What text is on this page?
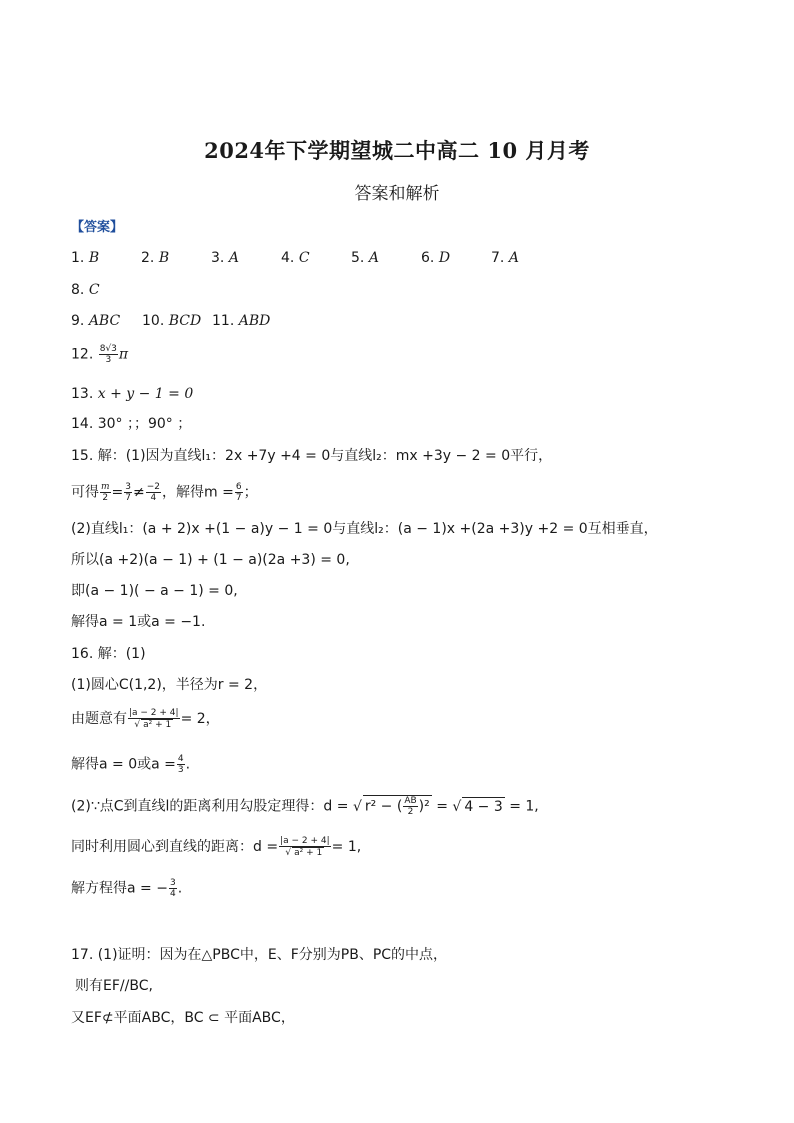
2024年下学期望城二中高二 10 月月考
答案和解析
【答案】
1. B	2. B	3. A	4. C	5. A	6. D	7. A
8. C
9. ABC 10. BCD 11. ABD
12. $\frac{8√3}{3}$ π
13. x + y − 1 = 0
14. 30° ；；90° ；
15. 解：(1)因为直线l₁：2x +7y +4 = 0与直线l₂：mx +3y − 2 = 0平行，
可得 $\frac{m}{2} = \frac{3}{7} \ne \frac{-2}{4}$ ，解得$m = \frac{6}{7}$ ；
(2)直线l₁：(a + 2)x +(1 − a)y − 1 = 0与直线l₂：(a − 1)x +(2a +3)y +2 = 0互相垂直，
所以(a +2)(a − 1) + (1 − a)(2a +3) = 0,
即(a − 1)( − a − 1) = 0,
解得a = 1或a = −1.
16. 解：(1)
(1)圆心C(1,2)，半径为r = 2，
由题意有 $\frac{|a - 2 + 4|}{\text{√ a² + 1}} = 2$，
解得a = 0或$a = \frac{4}{3}$ .
(2)∵点C到直线l的距离利用勾股定理得：d = √ r² − ( $\frac{AB}{2} )^2$ = √ 4 − 3 = 1,
同时利用圆心到直线的距离：$d = \frac{|a - 2 + 4|}{\text{√ a² + 1}} = 1$,
解方程得a = − $\frac{3}{4}$ .
17. (1)证明：因为在△PBC中，E、F分别为PB、PC的中点，
则有EF//BC,
又EF⊄平面ABC，BC ⊂ 平面ABC，
